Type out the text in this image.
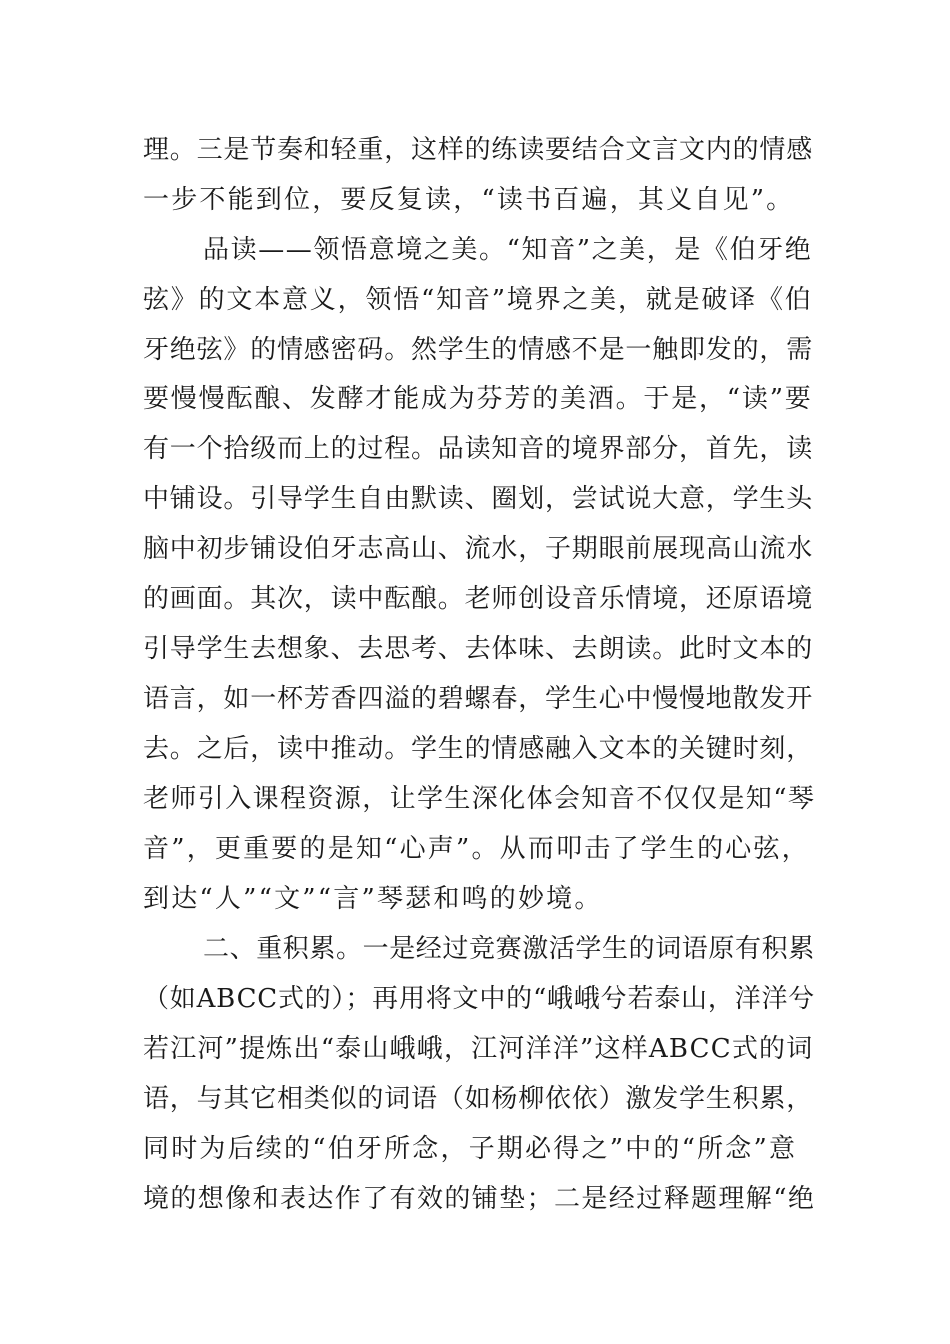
理。三是节奏和轻重，这样的练读要结合文言文内的情感
一步不能到位，要反复读，“读书百遍，其义自见”。
品读——领悟意境之美。“知音”之美，是《伯牙绝
弦》的文本意义，领悟“知音”境界之美，就是破译《伯
牙绝弦》的情感密码。然学生的情感不是一触即发的，需
要慢慢酝酿、发酵才能成为芬芳的美酒。于是，“读”要
有一个拾级而上的过程。品读知音的境界部分，首先，读
中铺设。引导学生自由默读、圈划，尝试说大意，学生头
脑中初步铺设伯牙志高山、流水，子期眼前展现高山流水
的画面。其次，读中酝酿。老师创设音乐情境，还原语境
引导学生去想象、去思考、去体味、去朗读。此时文本的
语言，如一杯芳香四溢的碧螺春，学生心中慢慢地散发开
去。之后，读中推动。学生的情感融入文本的关键时刻，
老师引入课程资源，让学生深化体会知音不仅仅是知“琴
音”，更重要的是知“心声”。从而叩击了学生的心弦，
到达“人”“文”“言”琴瑟和鸣的妙境。
二、重积累。一是经过竞赛激活学生的词语原有积累
（如ABCC式的）；再用将文中的“峨峨兮若泰山，洋洋兮
若江河”提炼出“泰山峨峨，江河洋洋”这样ABCC式的词
语，与其它相类似的词语（如杨柳依依）激发学生积累，
同时为后续的“伯牙所念，子期必得之”中的“所念”意
境的想像和表达作了有效的铺垫；二是经过释题理解“绝
